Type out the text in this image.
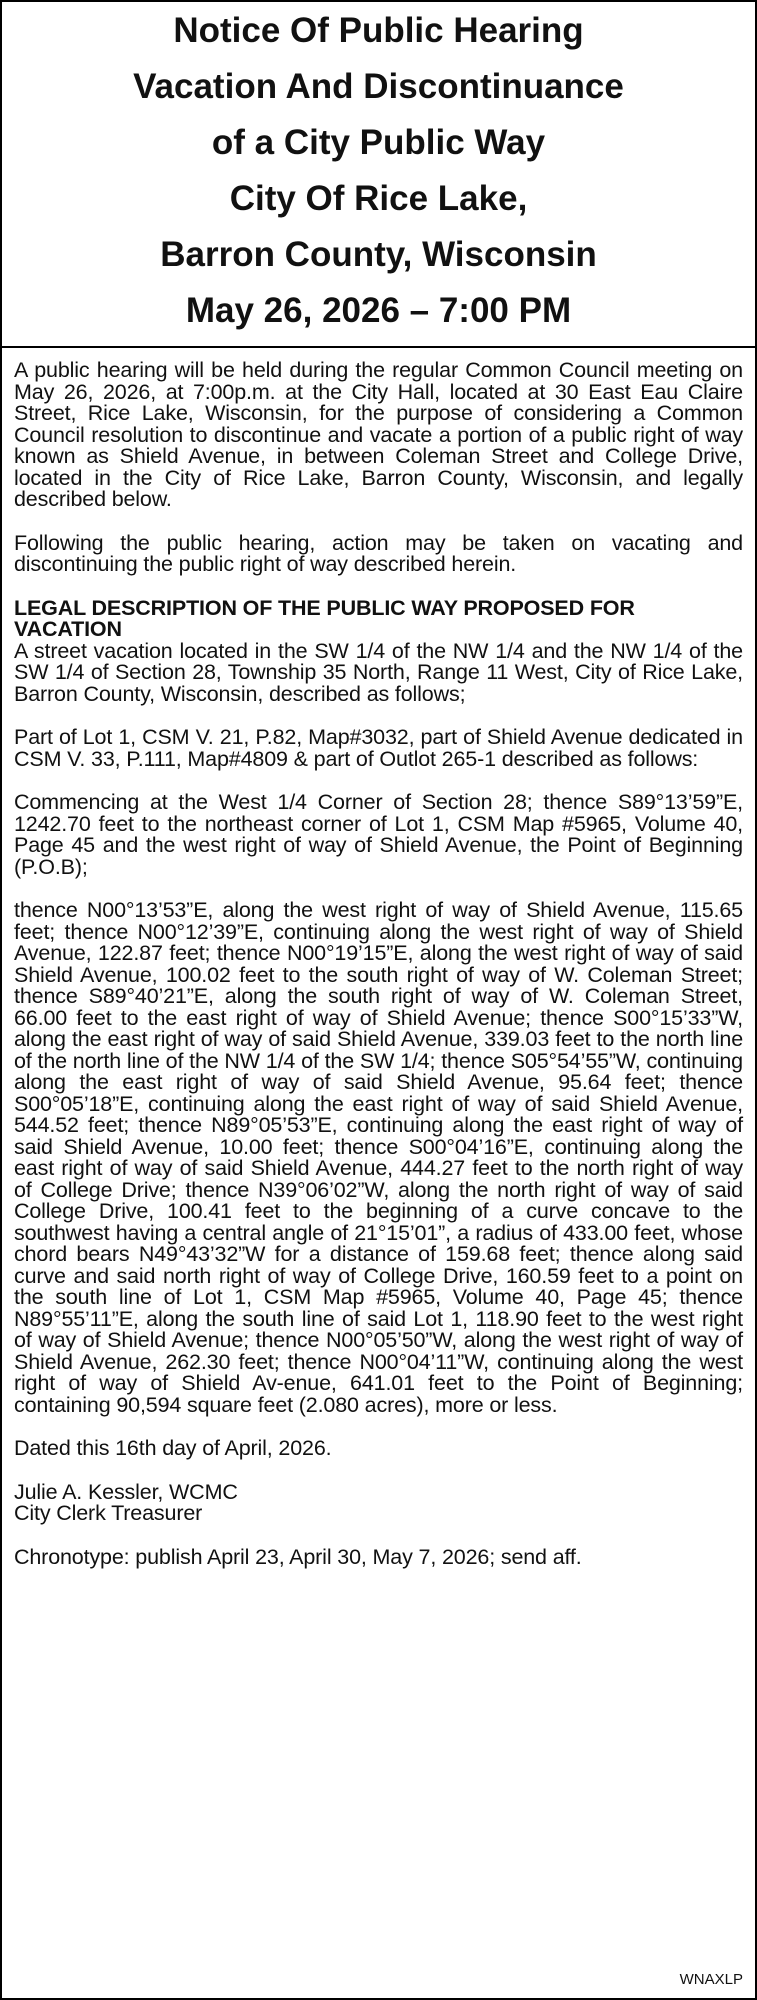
Notice Of Public Hearing
Vacation And Discontinuance
of a City Public Way
City Of Rice Lake,
Barron County, Wisconsin
May 26, 2026 – 7:00 PM

A public hearing will be held during the regular Common Council meeting on May 26, 2026, at 7:00p.m. at the City Hall, located at 30 East Eau Claire Street, Rice Lake, Wisconsin, for the purpose of considering a Common Council resolution to discontinue and vacate a portion of a public right of way known as Shield Avenue, in between Coleman Street and College Drive, located in the City of Rice Lake, Barron County, Wisconsin, and legally described below.

Following the public hearing, action may be taken on vacating and discontinuing the public right of way described herein.

LEGAL DESCRIPTION OF THE PUBLIC WAY PROPOSED FOR VACATION

A street vacation located in the SW 1/4 of the NW 1/4 and the NW 1/4 of the SW 1/4 of Section 28, Township 35 North, Range 11 West, City of Rice Lake, Barron County, Wisconsin, described as follows;

Part of Lot 1, CSM V. 21, P.82, Map#3032, part of Shield Avenue dedicated in CSM V. 33, P.111, Map#4809 & part of Outlot 265-1 described as follows:

Commencing at the West 1/4 Corner of Section 28; thence S89°13’59”E, 1242.70 feet to the northeast corner of Lot 1, CSM Map #5965, Volume 40, Page 45 and the west right of way of Shield Avenue, the Point of Beginning (P.O.B);

thence N00°13’53”E, along the west right of way of Shield Avenue, 115.65 feet; thence N00°12’39”E, continuing along the west right of way of Shield Avenue, 122.87 feet; thence N00°19’15”E, along the west right of way of said Shield Avenue, 100.02 feet to the south right of way of W. Coleman Street; thence S89°40’21”E, along the south right of way of W. Coleman Street, 66.00 feet to the east right of way of Shield Avenue; thence S00°15’33”W, along the east right of way of said Shield Avenue, 339.03 feet to the north line of the north line of the NW 1/4 of the SW 1/4; thence S05°54’55”W, continuing along the east right of way of said Shield Avenue, 95.64 feet; thence S00°05’18”E, continuing along the east right of way of said Shield Avenue, 544.52 feet; thence N89°05’53”E, continuing along the east right of way of said Shield Avenue, 10.00 feet; thence S00°04’16”E, continuing along the east right of way of said Shield Avenue, 444.27 feet to the north right of way of College Drive; thence N39°06’02”W, along the north right of way of said College Drive, 100.41 feet to the beginning of a curve concave to the southwest having a central angle of 21°15’01”, a radius of 433.00 feet, whose chord bears N49°43’32”W for a distance of 159.68 feet; thence along said curve and said north right of way of College Drive, 160.59 feet to a point on the south line of Lot 1, CSM Map #5965, Volume 40, Page 45; thence N89°55’11”E, along the south line of said Lot 1, 118.90 feet to the west right of way of Shield Avenue; thence N00°05’50”W, along the west right of way of Shield Avenue, 262.30 feet; thence N00°04’11”W, continuing along the west right of way of Shield Av-enue, 641.01 feet to the Point of Beginning; containing 90,594 square feet (2.080 acres), more or less.

Dated this 16th day of April, 2026.

Julie A. Kessler, WCMC

City Clerk Treasurer

Chronotype: publish April 23, April 30, May 7, 2026; send aff.

WNAXLP
